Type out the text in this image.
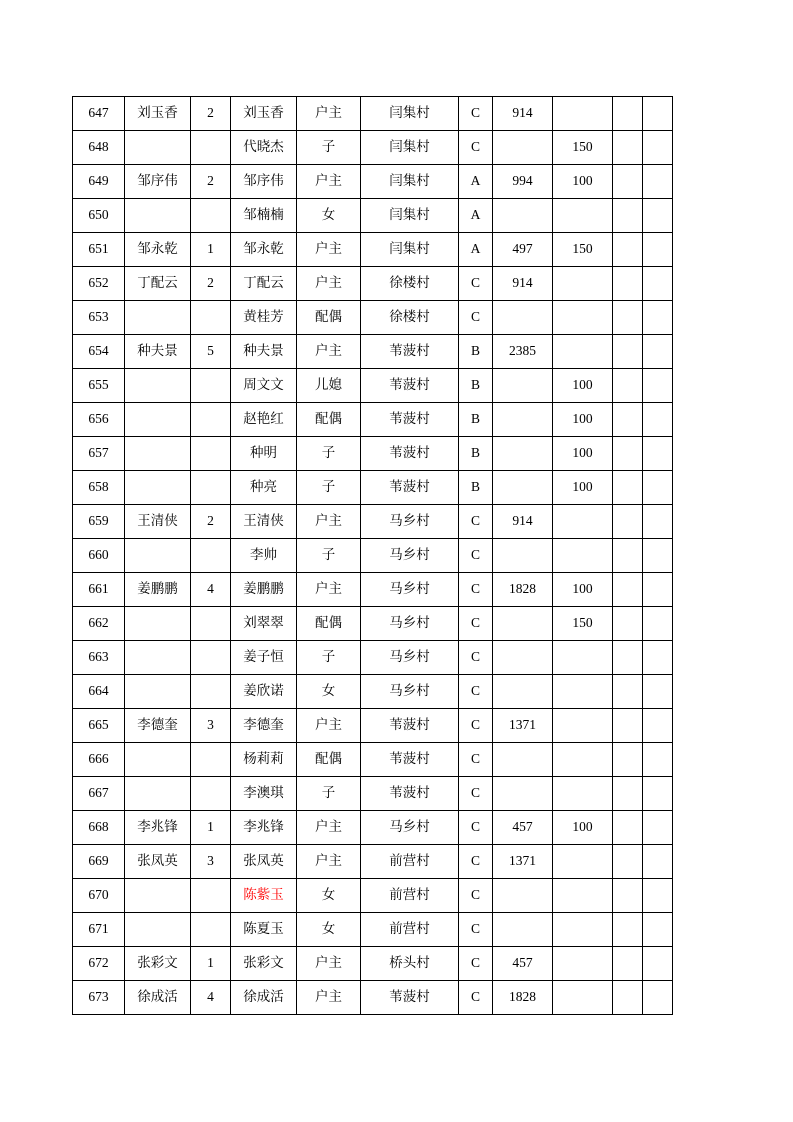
647	刘玉香	2	刘玉香	户主	闫集村	C	914			
648			代晓杰	子	闫集村	C		150		
649	邹序伟	2	邹序伟	户主	闫集村	A	994	100		
650			邹楠楠	女	闫集村	A				
651	邹永乾	1	邹永乾	户主	闫集村	A	497	150		
652	丁配云	2	丁配云	户主	徐楼村	C	914			
653			黄桂芳	配偶	徐楼村	C				
654	种夫景	5	种夫景	户主	苇菠村	B	2385			
655			周文文	儿媳	苇菠村	B		100		
656			赵艳红	配偶	苇菠村	B		100		
657			种明	子	苇菠村	B		100		
658			种亮	子	苇菠村	B		100		
659	王清侠	2	王清侠	户主	马乡村	C	914			
660			李帅	子	马乡村	C				
661	姜鹏鹏	4	姜鹏鹏	户主	马乡村	C	1828	100		
662			刘翠翠	配偶	马乡村	C		150		
663			姜子恒	子	马乡村	C				
664			姜欣诺	女	马乡村	C				
665	李德奎	3	李德奎	户主	苇菠村	C	1371			
666			杨莉莉	配偶	苇菠村	C				
667			李澳琪	子	苇菠村	C				
668	李兆锋	1	李兆锋	户主	马乡村	C	457	100		
669	张凤英	3	张凤英	户主	前营村	C	1371			
670			陈紫玉	女	前营村	C				
671			陈夏玉	女	前营村	C				
672	张彩文	1	张彩文	户主	桥头村	C	457			
673	徐成活	4	徐成活	户主	苇菠村	C	1828			
